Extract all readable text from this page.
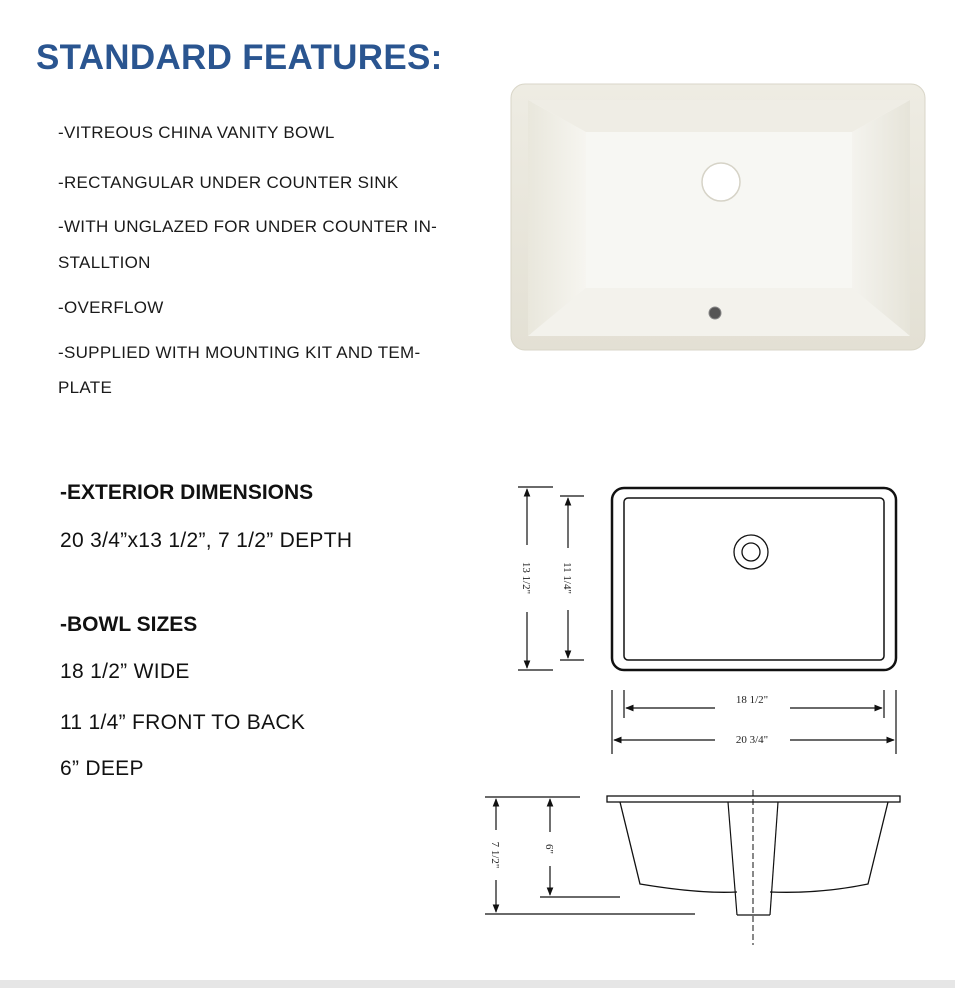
STANDARD FEATURES:
-VITREOUS CHINA VANITY BOWL
-RECTANGULAR UNDER COUNTER SINK
-WITH UNGLAZED FOR UNDER COUNTER IN-
STALLTION
-OVERFLOW
-SUPPLIED WITH MOUNTING KIT AND TEM-
PLATE
-EXTERIOR DIMENSIONS
20 3/4”x13 1/2”, 7 1/2” DEPTH
-BOWL SIZES
18 1/2” WIDE
11 1/4” FRONT TO BACK
6” DEEP
13 1/2"	11 1/4"
18 1/2"
20 3/4"
7 1/2"	6"
